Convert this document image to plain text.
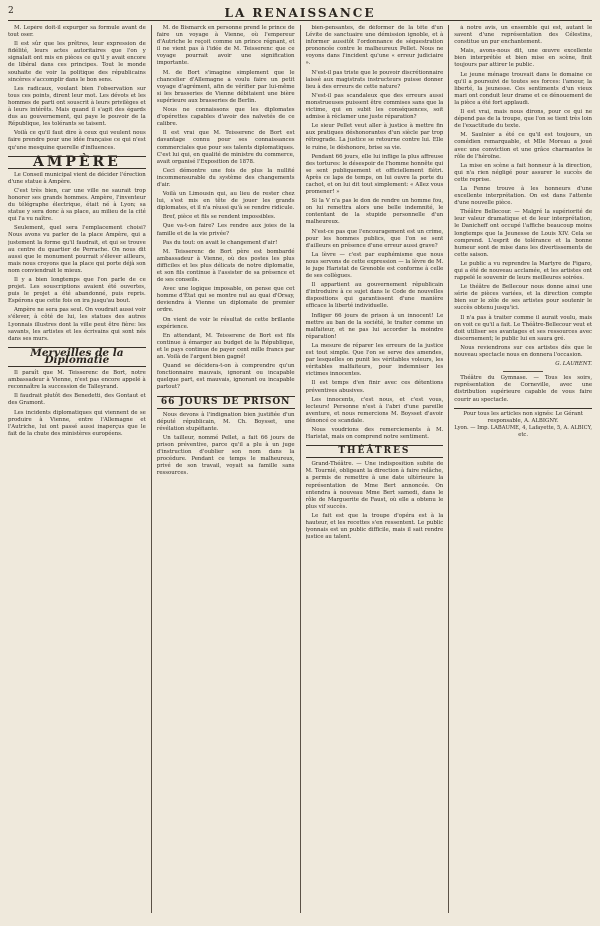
2	LA RENAISSANCE

M. Lepère doit-il expurger sa formule avant de tout oser.

Il est sûr que les prêtres, leur expression de fidélité, leurs actes autoritaires que l'on y signalait ont mis en pièces ce qu'il y avait encore de libéral dans ces principes. Tout le monde souhaite de voir la politique des républicains sincères s'accomplir dans le bon sens.

Les radicaux, voulant bien l'observation sur tous ces points, dirent leur mot. Les dévots et les hommes de parti ont souscrit à leurs privilèges et à leurs intérêts. Mais quand il s'agit des égards dus au gouvernement, qui paye le pouvoir de la République, les tolérants se taisent.

Voilà ce qu'il faut dire à ceux qui veulent nous faire prendre pour une idée française ce qui n'est qu'une mesquine querelle d'influences.

AMPÈRE

Le Conseil municipal vient de décider l'érection d'une statue à Ampère.

C'est très bien, car une ville ne saurait trop honorer ses grands hommes. Ampère, l'inventeur du télégraphe électrique, était né à Lyon; sa statue y sera donc à sa place, au milieu de la cité qui l'a vu naître.

Seulement, quel sera l'emplacement choisi? Nous avons vu parler de la place Ampère, qui a justement la forme qu'il faudrait, et qui se trouve au centre du quartier de Perrache. On nous dit aussi que le monument pourrait s'élever ailleurs, mais nous croyons que la place qui porte déjà son nom conviendrait le mieux.

Il y a bien longtemps que l'on parle de ce projet. Les souscriptions avaient été ouvertes, puis le projet a été abandonné, puis repris. Espérons que cette fois on ira jusqu'au bout.

Ampère ne sera pas seul. On voudrait aussi voir s'élever, à côté de lui, les statues des autres Lyonnais illustres dont la ville peut être fière: les savants, les artistes et les écrivains qui sont nés dans ses murs.

Merveilles de la Diplomatie

Il paraît que M. Teisserenc de Bort, notre ambassadeur à Vienne, n'est pas encore appelé à reconnaître la succession de Talleyrand.

Il faudrait plutôt des Benedetti, des Gontaut et des Gramont.

Les incidents diplomatiques qui viennent de se produire à Vienne, entre l'Allemagne et l'Autriche, lui ont passé aussi inaperçus que le fait de la chute des ministères européens.

M. de Bismarck en personne prend le prince de faire un voyage à Vienne, où l'empereur d'Autriche le reçoit comme un prince régnant, et il ne vient pas à l'idée de M. Teisserenc que ce voyage pourrait avoir une signification importante.

M. de Bort s'imagine simplement que le chancelier d'Allemagne a voulu faire un petit voyage d'agrément, afin de vérifier par lui-même si les brasseries de Vienne débitaient une bière supérieure aux brasseries de Berlin.

Nous ne connaissons que les diplomates d'opérettes capables d'avoir des naïvetés de ce calibre.

Il est vrai que M. Teisserenc de Bort est davantage connu pour ses connaissances commerciales que pour ses talents diplomatiques. C'est lui qui, en qualité de ministre du commerce, avait organisé l'Exposition de 1878.

Ceci démontre une fois de plus la nullité incommensurable du système des changements d'air.

Voilà un Limousin qui, au lieu de rester chez lui, s'est mis en tête de jouer les grands diplomates, et il n'a réussi qu'à se rendre ridicule.

Bref, pièce et fils se rendent impossibles.

Que va-t-on faire? Les rendre aux joies de la famille et de la vie privée?

Pas du tout: on avait le changement d'air!

M. Teisserenc de Bort père est bombardé ambassadeur à Vienne, où des postes les plus difficiles et les plus délicats de notre diplomatie, et son fils continue à l'assister de sa présence et de ses conseils.

Avec une logique imposable, on pense que cet homme d'État qui se montre nul au quai d'Orsay, deviendra à Vienne un diplomate de premier ordre.

On vient de voir le résultat de cette brillante expérience.

En attendant, M. Teisserenc de Bort est fils continue à émarger au budget de la République, et le pays continue de payer cent mille francs par an. Voilà de l'argent bien gagné!

Quand se décidera-t-on à comprendre qu'un fonctionnaire mauvais, ignorant ou incapable quelque part, est mauvais, ignorant ou incapable partout?

66 JOURS DE PRISON

Nous devons à l'indignation bien justifiée d'un député républicain, M. Ch. Boysset, une révélation stupéfiante.

Un tailleur, nommé Pellet, a fait 66 jours de prison préventive, parce qu'il a plu à un juge d'instruction d'oublier son nom dans la procédure. Pendant ce temps le malheureux, privé de son travail, voyait sa famille sans ressources.

bien-pensantes, de déformer de la tête d'un Lévite de sanctuaire une démission ignoble, et à informer aussitôt l'ordonnance de séquestration prononcée contre le malheureux Pellet. Nous ne voyons dans l'incident qu'une « erreur judiciaire ».

N'est-il pas triste que le pouvoir discrétionnaire laissé aux magistrats instructeurs puisse donner lieu à des erreurs de cette nature?

N'est-il pas scandaleux que des erreurs aussi monstrueuses puissent être commises sans que la victime, qui en subit les conséquences, soit admise à réclamer une juste réparation?

Le sieur Pellet veut aller à justice à mettre fin aux pratiques déshonorantes d'un siècle par trop rétrograde. La justice se retourne contre lui. Elle le ruine, le déshonore, brise sa vie.

Pendant 66 jours, elle lui inflige la plus affreuse des tortures: le désespoir de l'homme honnête qui se sent publiquement et officiellement flétri. Après ce laps de temps, on lui ouvre la porte du cachot, et on lui dit tout simplement: « Allez vous promener! »

Si la V n'a pas le don de rendre un homme fou, on lui remettra alors une belle indemnité, le contentant de la stupide personnelle d'un malheureux.

N'est-ce pas que l'encouragement est un crime, pour les hommes publics, que l'on se sent d'ailleurs en présence d'une erreur aussi grave?

La lèvre — c'est par euphémisme que nous nous servons de cette expression — la lèvre de M. le juge Haristat de Grenoble est conforme à celle de ses collègues.

Il appartient au gouvernement républicain d'introduire à ce sujet dans le Code de nouvelles dispositions qui garantissent d'une manière efficace la liberté individuelle.

Infliger 66 jours de prison à un innocent! Le mettre au ban de la société, le traiter comme un malfaiteur, et ne pas lui accorder la moindre réparation!

La mesure de réparer les erreurs de la justice est tout simple. Que l'on se serve des amendes, par lesquelles on punit les véritables voleurs, les véritables malfaiteurs, pour indemniser les victimes innocentes.

Il est temps d'en finir avec ces détentions préventives abusives.

Les innocents, c'est nous, et c'est vous, lecteurs! Personne n'est à l'abri d'une pareille aventure, et nous remercions M. Boysset d'avoir dénoncé ce scandale.

Nous voudrions des remerciements à M. Haristat, mais on comprend notre sentiment.

THÉÂTRES

Grand-Théâtre. — Une indisposition subite de M. Tournié, obligeant la direction à faire relâche, a permis de remettre à une date ultérieure la représentation de Mme Bert annoncée. On entendra à nouveau Mme Bert samedi, dans le rôle de Marguerite de Faust, où elle a obtenu le plus vif succès.

Le fait est que la troupe d'opéra est à la hauteur, et les recettes s'en ressentent. Le public lyonnais est un public difficile, mais il sait rendre justice au talent.

à notre avis, un ensemble qui est, autant le savent d'une représentation des Célestins, constitue un pur enchantement.

Mais, avons-nous dit, une œuvre excellente bien interprétée et bien mise en scène, finit toujours par attirer le public.

Le jeune ménage trouvait dans le domaine ce qu'il a poursuivi de toutes ses forces: l'amour, la liberté, la jeunesse. Ces sentiments d'un vieux mari ont conduit leur drame et ce dénouement de la pièce a été fort applaudi.

Il est vrai, mais nous dirons, pour ce qui ne dépend pas de la troupe, que l'on se tient très loin de l'exactitude du texte.

M. Saulnier a été ce qu'il est toujours, un comédien remarquable, et Mlle Moreau a joué avec une conviction et une grâce charmantes le rôle de l'héroïne.

La mise en scène a fait honneur à la direction, qui n'a rien négligé pour assurer le succès de cette reprise.

La Fenne trouve à les honneurs d'une excellente interprétation. On est dans l'attente d'une nouvelle pièce.

Théâtre Bellecour. — Malgré la supériorité de leur valeur dramatique et de leur interprétation, le Danicheff ont occupé l'affiche beaucoup moins longtemps que la Jeunesse de Louis XIV. Cela se comprend. L'esprit de tolérance et la bonne humeur sont de mise dans les divertissements de cette saison.

Le public a vu reprendre la Martyre de Figaro, qui a été de nouveau acclamée, et les artistes ont rappelé le souvenir de leurs meilleures soirées.

Le théâtre de Bellecour nous donne ainsi une série de pièces variées, et la direction compte bien sur le zèle de ses artistes pour soutenir le succès obtenu jusqu'ici.

Il n'a pas à traiter comme il aurait voulu, mais on voit ce qu'il a fait. Le Théâtre-Bellecour veut et doit utiliser ses avantages et ses ressources avec discernement; le public lui en saura gré.

Nous reviendrons sur ces artistes dès que le nouveau spectacle nous en donnera l'occasion.

G. LAURENT.

Théâtre du Gymnase. — Tous les soirs, représentation de Corneville, avec une distribution supérieure capable de vous faire courir au spectacle.

Pour tous les articles non signés: Le Gérant responsable, A. ALBIGNY.
Lyon. — Imp. LABAUME, 4, Lafayette, 5, A. ALBICY, etc.
